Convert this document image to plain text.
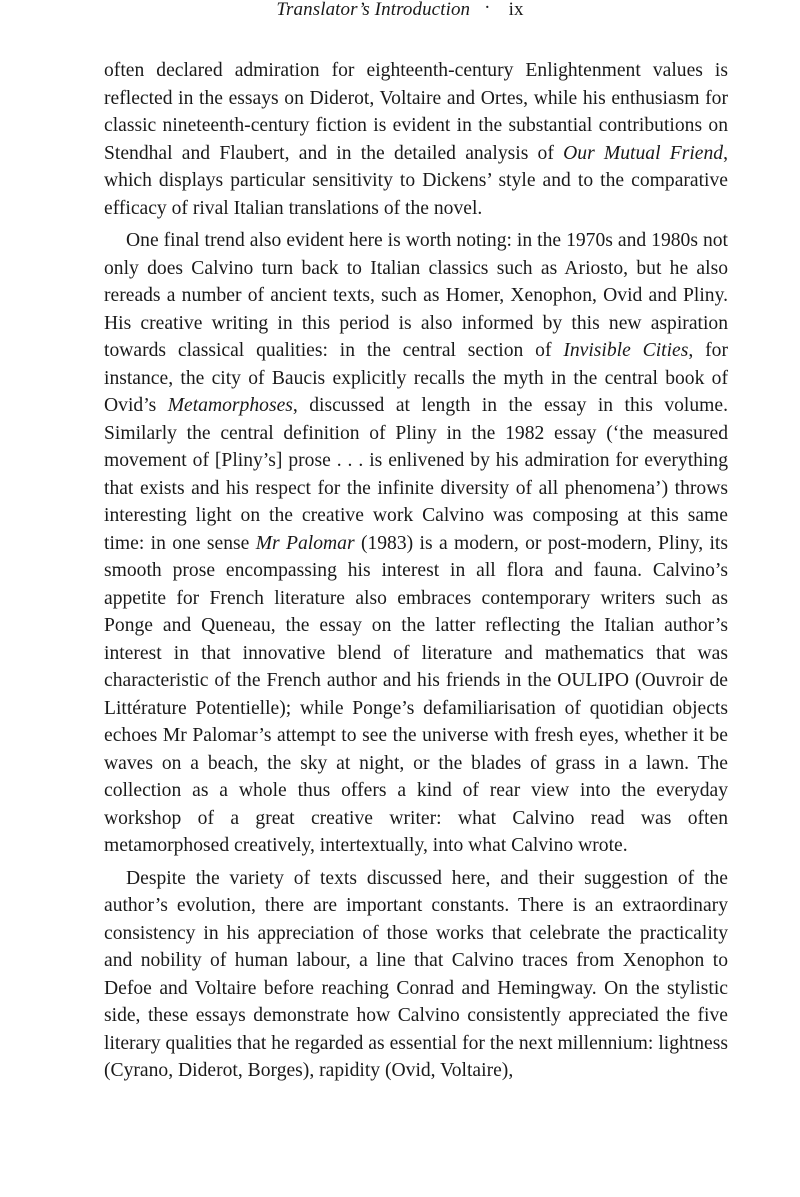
Translator’s Introduction · ix

often declared admiration for eighteenth-century Enlightenment values is reflected in the essays on Diderot, Voltaire and Ortes, while his enthusiasm for classic nineteenth-century fiction is evident in the substantial contributions on Stendhal and Flaubert, and in the detailed analysis of Our Mutual Friend, which displays particular sensitivity to Dickens’ style and to the comparative efficacy of rival Italian translations of the novel.

One final trend also evident here is worth noting: in the 1970s and 1980s not only does Calvino turn back to Italian classics such as Ariosto, but he also rereads a number of ancient texts, such as Homer, Xenophon, Ovid and Pliny. His creative writing in this period is also informed by this new aspiration towards classical qualities: in the central section of Invisible Cities, for instance, the city of Baucis explicitly recalls the myth in the central book of Ovid’s Metamorphoses, discussed at length in the essay in this volume. Similarly the central definition of Pliny in the 1982 essay (‘the measured movement of [Pliny’s] prose . . . is enlivened by his admiration for everything that exists and his respect for the infinite diversity of all phenomena’) throws interesting light on the creative work Calvino was composing at this same time: in one sense Mr Palomar (1983) is a modern, or post-modern, Pliny, its smooth prose encompassing his interest in all flora and fauna. Calvino’s appetite for French literature also embraces contemporary writers such as Ponge and Queneau, the essay on the latter reflecting the Italian author’s interest in that innovative blend of literature and mathematics that was characteristic of the French author and his friends in the OULIPO (Ouvroir de Littérature Potentielle); while Ponge’s defamiliarisation of quotidian objects echoes Mr Palomar’s attempt to see the universe with fresh eyes, whether it be waves on a beach, the sky at night, or the blades of grass in a lawn. The collection as a whole thus offers a kind of rear view into the everyday workshop of a great creative writer: what Calvino read was often metamorphosed creatively, intertextually, into what Calvino wrote.

Despite the variety of texts discussed here, and their suggestion of the author’s evolution, there are important constants. There is an extraordinary consistency in his appreciation of those works that celebrate the practicality and nobility of human labour, a line that Calvino traces from Xenophon to Defoe and Voltaire before reaching Conrad and Hemingway. On the stylistic side, these essays demonstrate how Calvino consistently appreciated the five literary qualities that he regarded as essential for the next millennium: lightness (Cyrano, Diderot, Borges), rapidity (Ovid, Voltaire),
